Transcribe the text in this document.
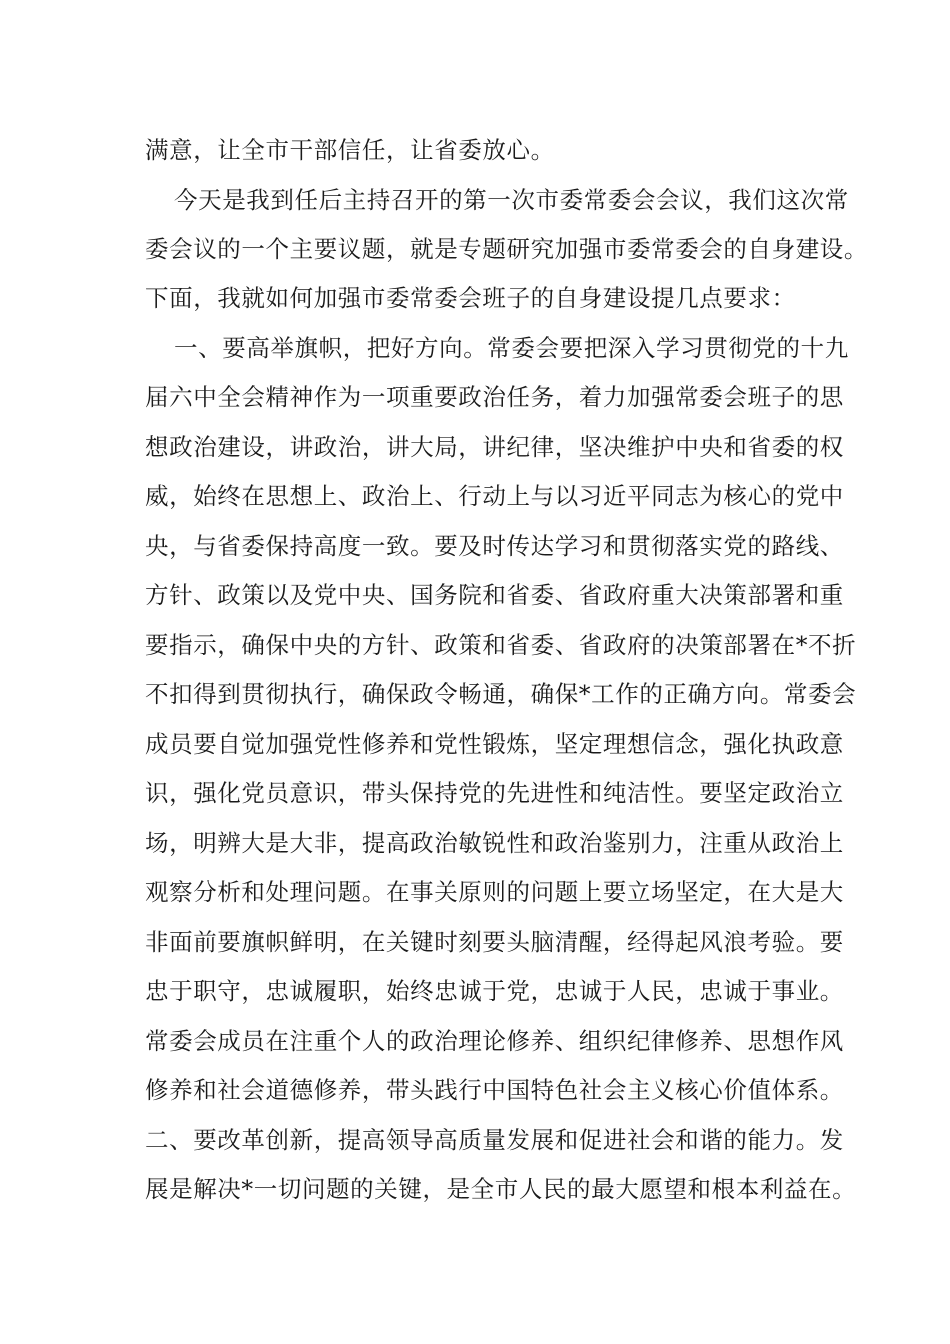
满意，让全市干部信任，让省委放心。
今天是我到任后主持召开的第一次市委常委会会议，我们这次常
委会议的一个主要议题，就是专题研究加强市委常委会的自身建设。
下面，我就如何加强市委常委会班子的自身建设提几点要求：
一、要高举旗帜，把好方向。常委会要把深入学习贯彻党的十九
届六中全会精神作为一项重要政治任务，着力加强常委会班子的思
想政治建设，讲政治，讲大局，讲纪律，坚决维护中央和省委的权
威，始终在思想上、政治上、行动上与以习近平同志为核心的党中
央，与省委保持高度一致。要及时传达学习和贯彻落实党的路线、
方针、政策以及党中央、国务院和省委、省政府重大决策部署和重
要指示，确保中央的方针、政策和省委、省政府的决策部署在*不折
不扣得到贯彻执行，确保政令畅通，确保*工作的正确方向。常委会
成员要自觉加强党性修养和党性锻炼，坚定理想信念，强化执政意
识，强化党员意识，带头保持党的先进性和纯洁性。要坚定政治立
场，明辨大是大非，提高政治敏锐性和政治鉴别力，注重从政治上
观察分析和处理问题。在事关原则的问题上要立场坚定，在大是大
非面前要旗帜鲜明，在关键时刻要头脑清醒，经得起风浪考验。要
忠于职守，忠诚履职，始终忠诚于党，忠诚于人民，忠诚于事业。
常委会成员在注重个人的政治理论修养、组织纪律修养、思想作风
修养和社会道德修养，带头践行中国特色社会主义核心价值体系。
二、要改革创新，提高领导高质量发展和促进社会和谐的能力。发
展是解决*一切问题的关键，是全市人民的最大愿望和根本利益在。
